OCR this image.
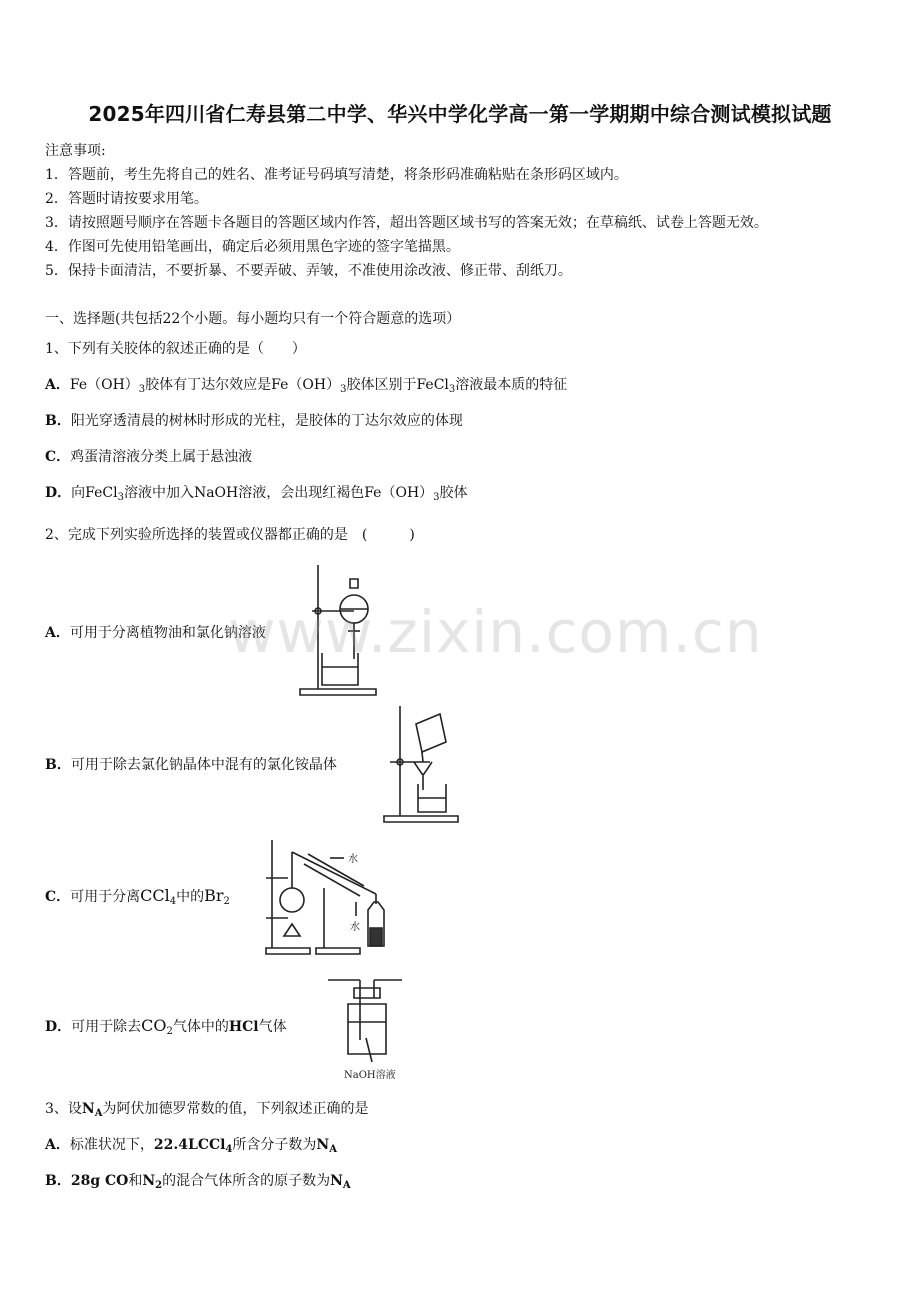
2025年四川省仁寿县第二中学、华兴中学化学高一第一学期期中综合测试模拟试题
注意事项:
1．答题前，考生先将自己的姓名、准考证号码填写清楚，将条形码准确粘贴在条形码区域内。
2．答题时请按要求用笔。
3．请按照题号顺序在答题卡各题目的答题区域内作答，超出答题区域书写的答案无效；在草稿纸、试卷上答题无效。
4．作图可先使用铅笔画出，确定后必须用黑色字迹的签字笔描黑。
5．保持卡面清洁，不要折暴、不要弄破、弄皱，不准使用涂改液、修正带、刮纸刀。
一、选择题(共包括22个小题。每小题均只有一个符合题意的选项）
1、下列有关胶体的叙述正确的是（　　）
A．$Fe(OH)_3$胶体有丁达尔效应是$Fe(OH)_3$胶体区别于FeCl$_3$溶液最本质的特征
B．阳光穿透清晨的树林时形成的光柱，是胶体的丁达尔效应的体现
C．鸡蛋清溶液分类上属于悬浊液
D．向FeCl$_3$溶液中加入NaOH溶液，会出现红褐色$Fe(OH)_3$胶体
2、完成下列实验所选择的装置或仪器都正确的是　(　　　)
A．可用于分离植物油和氯化钠溶液
B．可用于除去氯化钠晶体中混有的氯化铵晶体
C．可用于分离CCl$_4$中的$Br_2$
水
水
D．可用于除去$CO_2$气体中的HCl气体
NaOH溶液
3、设$N_A$为阿伏加德罗常数的值，下列叙述正确的是
A．标准状况下，22.4LCCl$_4$所含分子数为$N_A$
B．28g CO和$N_2$的混合气体所含的原子数为$N_A$
www.zixin.com.cn
